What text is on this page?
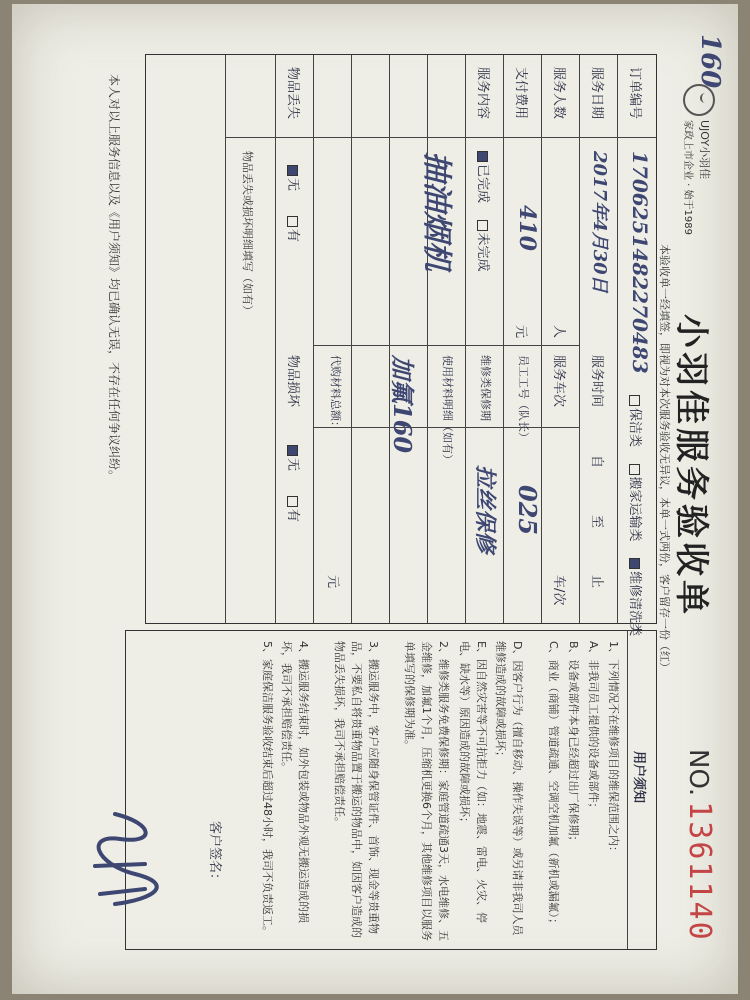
160
UJOY小羽佳
家政上市企业 · 始于1989
小羽佳服务验收单
NO. 1361140
本验收单一经填签，即视为对本次服务验收无异议，本单一式两份，客户留存一份（红）
保洁类    搬家运输类    维修清洗类
订单编号
1706251482270483
服务日期
2017年4月30日
服务时间
自
至
止
服务人数
人
服务车次
车/次
支付费用
410
元
员工工号（队长）
025
服务内容
已完成    未完成
维修类保修期
拉丝保修
抽油烟机
使用材料明细（如有）
加氟160
代购材料总额：
元
物品丢失
无      有
物品损坏
无      有
物品丢失或损坏明细填写（如有）
用户须知
1、下列情况不在维修项目的维保范围之内：
A、非我司员工提供的设备或部件；
B、设备或部件本身已经超过出厂保修期；
C、商业（商铺）管道疏通、空调空机加氟（新机或漏氟）；
D、因客户行为（擅自移动、操作失误等）或另请非我司人员维修造成的故障或损坏；
E、因自然灾害等不可抗拒力（如：地震、雷电、火灾、停电、缺水等）原因造成的故障或损坏；
2、维修类服务免费保修期：家庭管道疏通3天，水电维修、五金维修，加氟1个月，压缩机更换6个月，其他维修项目以服务单填写的保修期为准。
3、搬运服务中，客户应随身保管证件、首饰、现金等贵重物品，不要私自将贵重物品置于搬运的物品中，如因客户造成的物品丢失损坏，我司不承担赔偿责任。
4、搬运服务结束时，如外包装或物品外观无搬运造成的损坏，我司不承担赔偿责任。
5、家庭保洁服务验收结束后超过48小时，我司不负责返工。
客户签名：
本人对以上服务信息以及《用户须知》均已确认无误，不存在任何争议纠纷。
